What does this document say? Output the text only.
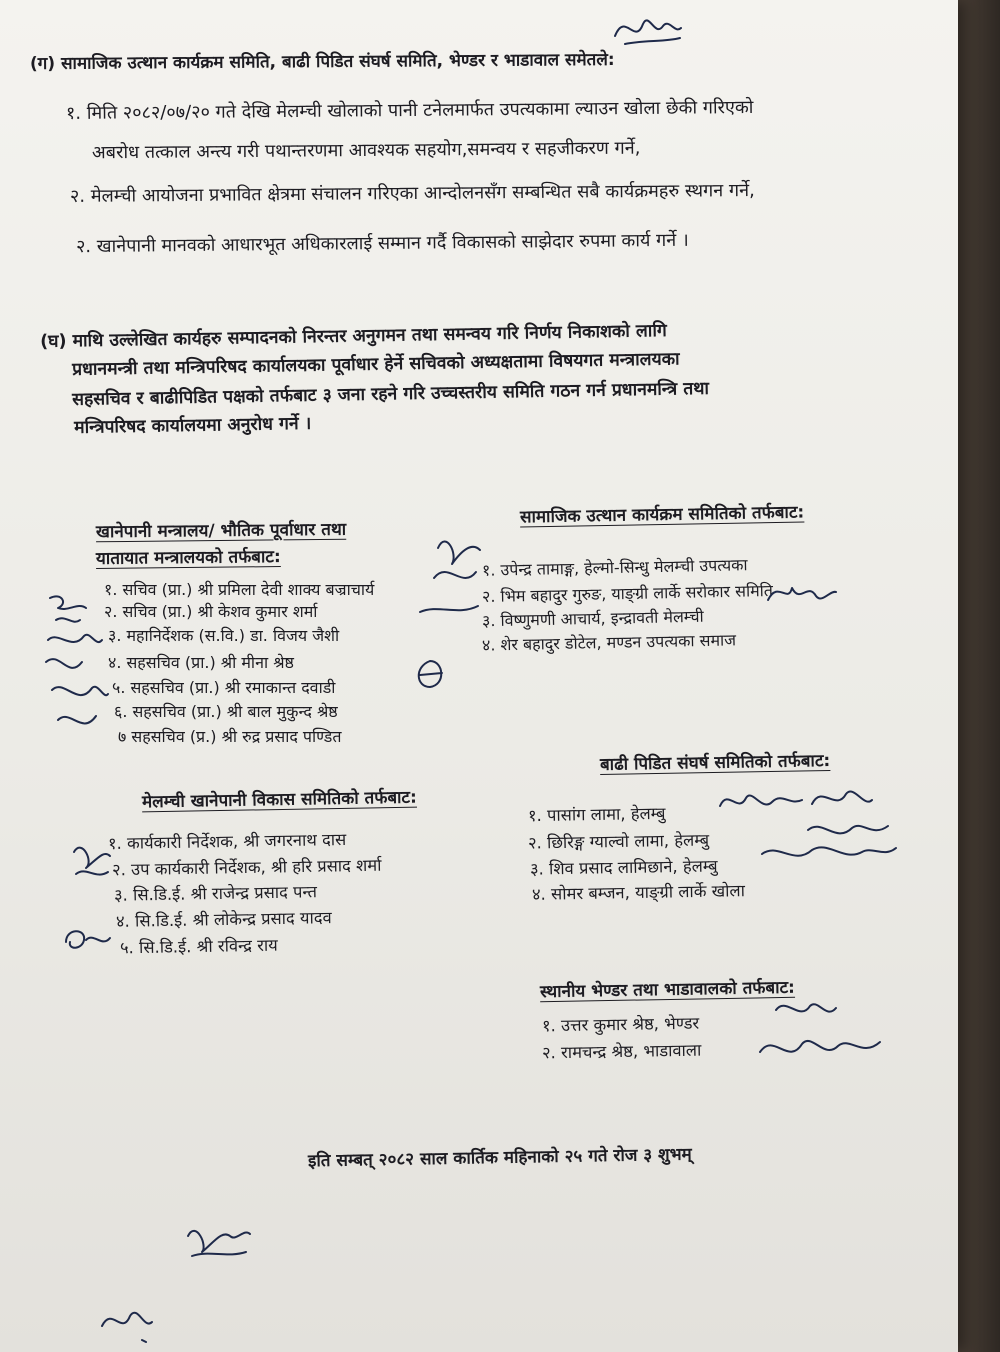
(ग) सामाजिक उत्थान कार्यक्रम समिति, बाढी पिडित संघर्ष समिति, भेण्डर र भाडावाल समेतले:
१. मिति २०८२/०७/२० गते देखि मेलम्ची खोलाको पानी टनेलमार्फत उपत्यकामा ल्याउन खोला छेकी गरिएको
अबरोध तत्काल अन्त्य गरी पथान्तरणमा आवश्यक सहयोग,समन्वय र सहजीकरण गर्ने,
२. मेलम्ची आयोजना प्रभावित क्षेत्रमा संचालन गरिएका आन्दोलनसँग सम्बन्धित सबै कार्यक्रमहरु स्थगन गर्ने,
२. खानेपानी मानवको आधारभूत अधिकारलाई सम्मान गर्दै विकासको साझेदार रुपमा कार्य गर्ने ।
(घ) माथि उल्लेखित कार्यहरु सम्पादनको निरन्तर अनुगमन तथा समन्वय गरि निर्णय निकाशको लागि
प्रधानमन्त्री तथा मन्त्रिपरिषद कार्यालयका पूर्वाधार हेर्ने सचिवको अध्यक्षतामा विषयगत मन्त्रालयका
सहसचिव र बाढीपिडित पक्षको तर्फबाट ३ जना रहने गरि उच्चस्तरीय समिति गठन गर्न प्रधानमन्त्रि तथा
मन्त्रिपरिषद कार्यालयमा अनुरोध गर्ने ।
खानेपानी मन्त्रालय/ भौतिक पूर्वाधार तथा
यातायात मन्त्रालयको तर्फबाट:
१. सचिव (प्रा.) श्री प्रमिला देवी शाक्य बज्राचार्य
२. सचिव (प्रा.) श्री केशव कुमार शर्मा
३. महानिर्देशक (स.वि.) डा. विजय जैशी
४. सहसचिव (प्रा.) श्री मीना श्रेष्ठ
५. सहसचिव (प्रा.) श्री रमाकान्त दवाडी
६. सहसचिव (प्रा.) श्री बाल मुकुन्द श्रेष्ठ
७ सहसचिव (प्र.) श्री रुद्र प्रसाद पण्डित
सामाजिक उत्थान कार्यक्रम समितिको तर्फबाट:
१. उपेन्द्र तामाङ्ग, हेल्मो-सिन्धु मेलम्ची उपत्यका
२. भिम बहादुर गुरुङ, याङ्ग्री लार्के सरोकार समिति
३. विष्णुमणी आचार्य, इन्द्रावती मेलम्ची
४. शेर बहादुर डोटेल, मण्डन उपत्यका समाज
मेलम्ची खानेपानी विकास समितिको तर्फबाट:
१. कार्यकारी निर्देशक, श्री जगरनाथ दास
२. उप कार्यकारी निर्देशक, श्री हरि प्रसाद शर्मा
३. सि.डि.ई. श्री राजेन्द्र प्रसाद पन्त
४. सि.डि.ई. श्री लोकेन्द्र प्रसाद यादव
५. सि.डि.ई. श्री रविन्द्र राय
बाढी पिडित संघर्ष समितिको तर्फबाट:
१. पासांग लामा, हेलम्बु
२. छिरिङ्ग ग्याल्वो लामा, हेलम्बु
३. शिव प्रसाद लामिछाने, हेलम्बु
४. सोमर बम्जन, याङ्ग्री लार्के खोला
स्थानीय भेण्डर तथा भाडावालको तर्फबाट:
१. उत्तर कुमार श्रेष्ठ, भेण्डर
२. रामचन्द्र श्रेष्ठ, भाडावाला
इति सम्बत् २०८२ साल कार्तिक महिनाको २५ गते रोज ३ शुभम्
